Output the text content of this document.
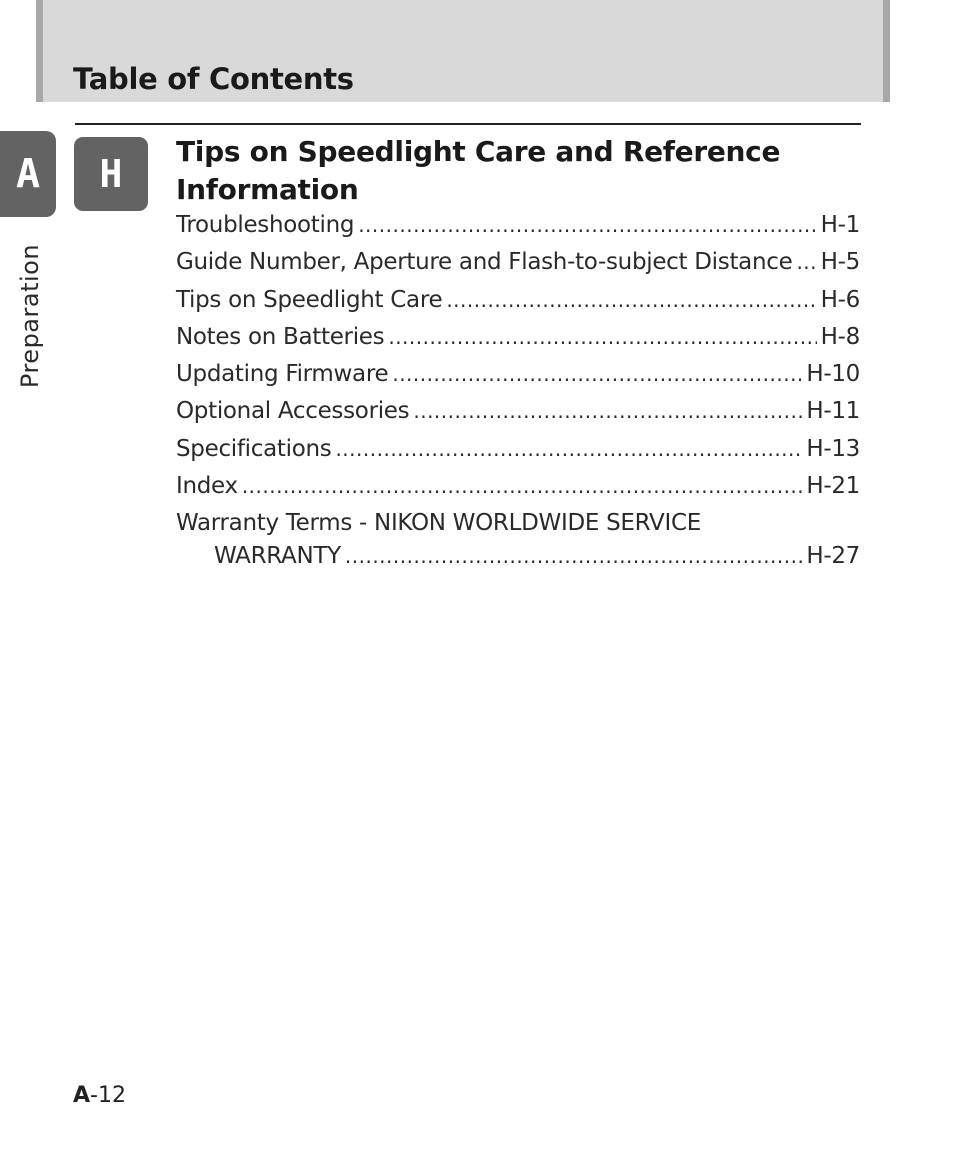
Table of Contents
A
Preparation
H
Tips on Speedlight Care and Reference Information
Troubleshooting .....	H-1
Guide Number, Aperture and Flash-to-subject Distance ..... H-5
Tips on Speedlight Care .....	H-6
Notes on Batteries .....	H-8
Updating Firmware .....	H-10
Optional Accessories .....	H-11
Specifications .....	H-13
Index .....	H-21
Warranty Terms - NIKON WORLDWIDE SERVICE
WARRANTY .....	H-27
A-12
